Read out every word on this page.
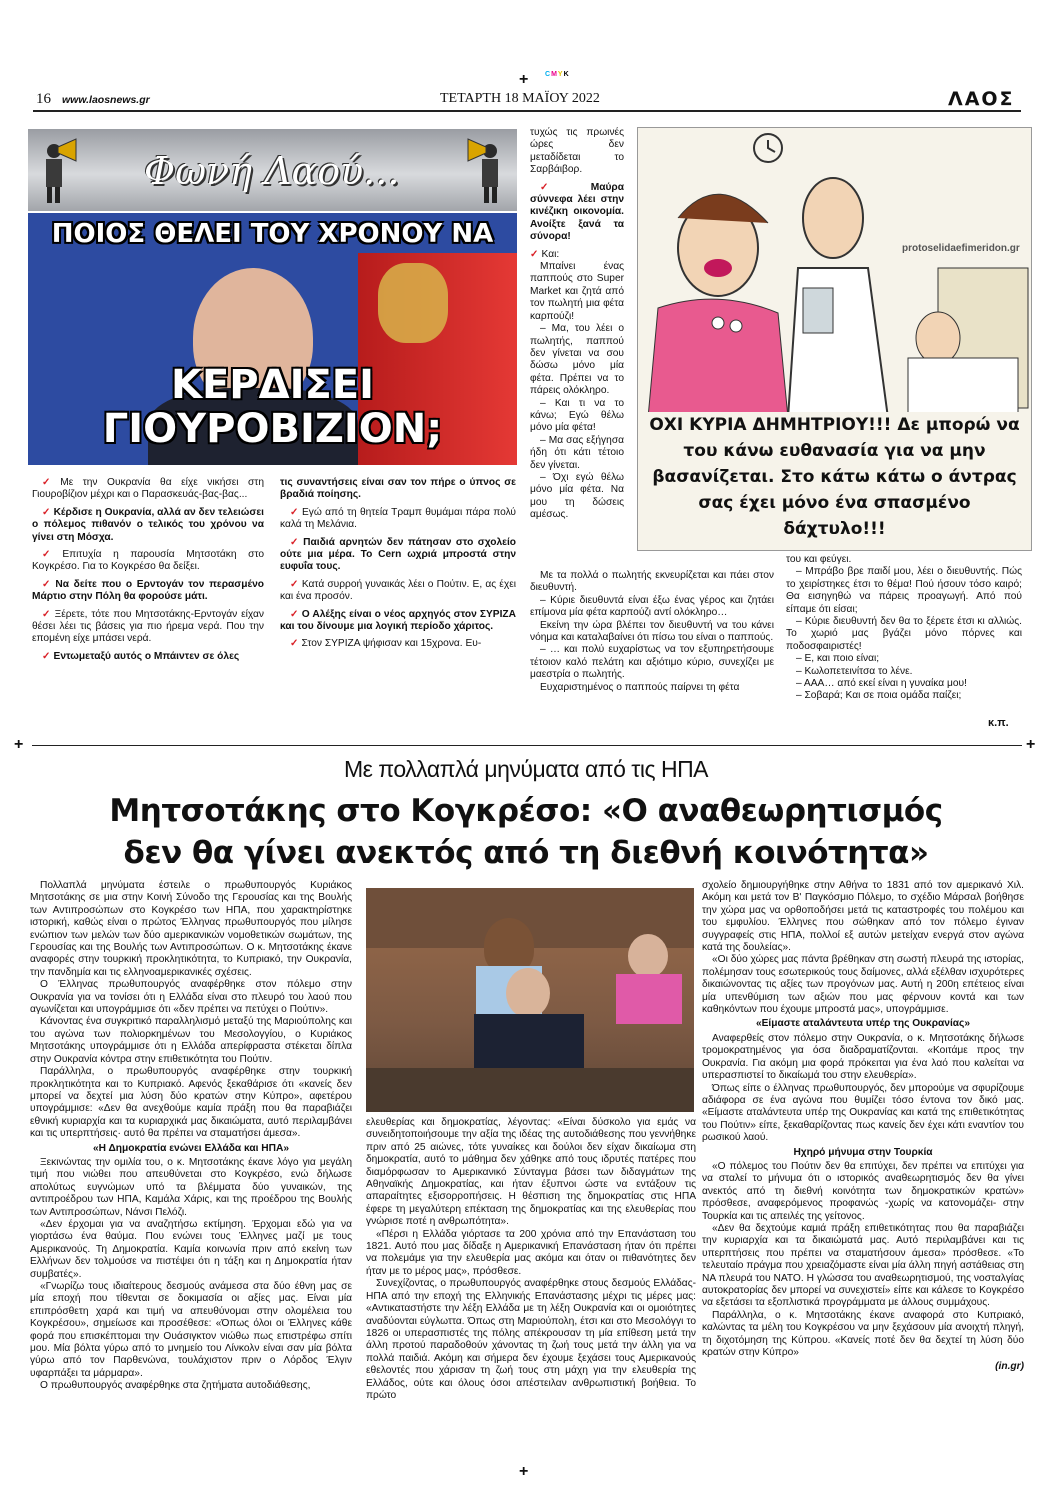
+ CMYK
16 www.laosnews.gr	ΤΕΤΑΡΤΗ 18 ΜΑΪΟΥ 2022	ΛΑΟΣ
Φωνή Λαού...
ΠΟΙΟΣ ΘΕΛΕΙ ΤΟΥ ΧΡΟΝΟΥ ΝΑ
ΚΕΡΔΙΣΕΙ
ΓΙΟΥΡΟΒΙΖΙΟΝ;

✓ Με την Ουκρανία θα είχε νικήσει στη Γιουροβίζιον μέχρι και ο Παρασκευάς-βας-βας...

✓ Κέρδισε η Ουκρανία, αλλά αν δεν τελειώσει ο πόλεμος πιθανόν ο τελικός του χρόνου να γίνει στη Μόσχα.

✓ Επιτυχία η παρουσία Μητσοτάκη στο Κογκρέσο. Για το Κογκρέσο θα δείξει.

✓ Να δείτε που ο Ερντογάν τον περασμένο Μάρτιο στην Πόλη θα φορούσε μάτι.

✓ Ξέρετε, τότε που Μητσοτάκης-Ερντογάν είχαν θέσει λέει τις βάσεις για πιο ήρεμα νερά. Που την επομένη είχε μπάσει νερά.

✓ Εντωμεταξύ αυτός ο Μπάιντεν σε όλες

τις συναντήσεις είναι σαν τον πήρε ο ύπνος σε βραδιά ποίησης.

✓ Εγώ από τη θητεία Τραμπ θυμάμαι πάρα πολύ καλά τη Μελάνια.

✓ Παιδιά αρνητών δεν πάτησαν στο σχολείο ούτε μια μέρα. Το Cern ωχριά μπροστά στην ευφυΐα τους.

✓ Κατά συρροή γυναικάς λέει ο Πούτιν. Ε, ας έχει και ένα προσόν.

✓ Ο Αλέξης είναι ο νέος αρχηγός στον ΣΥΡΙΖΑ και του δίνουμε μια λογική περίοδο χάριτος.

✓ Στον ΣΥΡΙΖΑ ψήφισαν και 15χρονα. Ευ-

τυχώς τις πρωινές ώρες δεν μεταδίδεται το Σαρβάιβορ.

✓ Μαύρα σύννεφα λέει στην κινέζικη οικονομία. Ανοίξτε ξανά τα σύνορα!

✓ Και:

Μπαίνει ένας παππούς στο Super Market και ζητά από τον πωλητή μια φέτα καρπούζι!

– Μα, του λέει ο πωλητής, παππού δεν γίνεται να σου δώσω μόνο μία φέτα. Πρέπει να το πάρεις ολόκληρο.

– Και τι να το κάνω; Εγώ θέλω μόνο μία φέτα!

– Μα σας εξήγησα ήδη ότι κάτι τέτοιο δεν γίνεται.

– Όχι εγώ θέλω μόνο μία φέτα. Να μου τη δώσεις αμέσως.

Με τα πολλά ο πωλητής εκνευρίζεται και πάει στον διευθυντή.

– Κύριε διευθυντά είναι έξω ένας γέρος και ζητάει επίμονα μία φέτα καρπούζι αντί ολόκληρο…

Εκείνη την ώρα βλέπει τον διευθυντή να του κάνει νόημα και καταλαβαίνει ότι πίσω του είναι ο παππούς.

– … και πολύ ευχαρίστως να τον εξυπηρετήσουμε τέτοιον καλό πελάτη και αξιότιμο κύριο, συνεχίζει με μαεστρία ο πωλητής.

Ευχαριστημένος ο παππούς παίρνει τη φέτα

protoselidaefimeridon.gr
ΟΧΙ ΚΥΡΙΑ ΔΗΜΗΤΡΙΟΥ!!! Δε μπορώ να του κάνω ευθανασία για να μην βασανίζεται. Στο κάτω κάτω ο άντρας σας έχει μόνο ένα σπασμένο δάχτυλο!!!

του και φεύγει.

– Μπράβο βρε παιδί μου, λέει ο διευθυντής. Πώς το χειρίστηκες έτσι το θέμα! Πού ήσουν τόσο καιρό; Θα εισηγηθώ να πάρεις προαγωγή. Από πού είπαμε ότι είσαι;

– Κύριε διευθυντή δεν θα το ξέρετε έτσι κι αλλιώς. Το χωριό μας βγάζει μόνο πόρνες και ποδοσφαιριστές!

– Ε, και ποιο είναι;

– Κωλοπετεινίτσα το λένε.

– ΑΑΑ… από εκεί είναι η γυναίκα μου!

– Σοβαρά; Και σε ποια ομάδα παίζει;

κ.π.
+	+
Με πολλαπλά μηνύματα από τις ΗΠΑ
Μητσοτάκης στο Κογκρέσο: «Ο αναθεωρητισμός
δεν θα γίνει ανεκτός από τη διεθνή κοινότητα»

Πολλαπλά μηνύματα έστειλε ο πρωθυπουργός Κυριάκος Μητσοτάκης σε μια στην Κοινή Σύνοδο της Γερουσίας και της Βουλής των Αντιπροσώπων στο Κογκρέσο των ΗΠΑ, που χαρακτηρίστηκε ιστορική, καθώς είναι ο πρώτος Έλληνας πρωθυπουργός που μίλησε ενώπιον των μελών των δύο αμερικανικών νομοθετικών σωμάτων, της Γερουσίας και της Βουλής των Αντιπροσώπων. Ο κ. Μητσοτάκης έκανε αναφορές στην τουρκική προκλητικότητα, το Κυπριακό, την Ουκρανία, την πανδημία και τις ελληνοαμερικανικές σχέσεις.

Ο Έλληνας πρωθυπουργός αναφέρθηκε στον πόλεμο στην Ουκρανία για να τονίσει ότι η Ελλάδα είναι στο πλευρό του λαού που αγωνίζεται και υπογράμμισε ότι «δεν πρέπει να πετύχει ο Πούτιν».

Κάνοντας ένα συγκριτικό παραλληλισμό μεταξύ της Μαριούπολης και του αγώνα των πολιορκημένων του Μεσολογγίου, ο Κυριάκος Μητσοτάκης υπογράμμισε ότι η Ελλάδα απερίφραστα στέκεται δίπλα στην Ουκρανία κόντρα στην επιθετικότητα του Πούτιν.

Παράλληλα, ο πρωθυπουργός αναφέρθηκε στην τουρκική προκλητικότητα και το Κυπριακό. Αφενός ξεκαθάρισε ότι «κανείς δεν μπορεί να δεχτεί μια λύση δύο κρατών στην Κύπρο», αφετέρου υπογράμμισε: «Δεν θα ανεχθούμε καμία πράξη που θα παραβιάζει εθνική κυριαρχία και τα κυριαρχικά μας δικαιώματα, αυτό περιλαμβάνει και τις υπερπτήσεις· αυτό θα πρέπει να σταματήσει άμεσα».

«Η Δημοκρατία ενώνει Ελλάδα και ΗΠΑ»

Ξεκινώντας την ομιλία του, ο κ. Μητσοτάκης έκανε λόγο για μεγάλη τιμή που νιώθει που απευθύνεται στο Κογκρέσο, ενώ δήλωσε απολύτως ευγνώμων υπό τα βλέμματα δύο γυναικών, της αντιπροέδρου των ΗΠΑ, Καμάλα Χάρις, και της προέδρου της Βουλής των Αντιπροσώπων, Νάνσι Πελόζι.

«Δεν έρχομαι για να αναζητήσω εκτίμηση. Έρχομαι εδώ για να γιορτάσω ένα θαύμα. Που ενώνει τους Έλληνες μαζί με τους Αμερικανούς. Τη Δημοκρατία. Καμία κοινωνία πριν από εκείνη των Ελλήνων δεν τολμούσε να πιστέψει ότι η τάξη και η Δημοκρατία ήταν συμβατές».

«Γνωρίζω τους ιδιαίτερους δεσμούς ανάμεσα στα δύο έθνη μας σε μία εποχή που τίθενται σε δοκιμασία οι αξίες μας. Είναι μία επιπρόσθετη χαρά και τιμή να απευθύνομαι στην ολομέλεια του Κογκρέσου», σημείωσε και προσέθεσε: «Όπως όλοι οι Έλληνες κάθε φορά που επισκέπτομαι την Ουάσιγκτον νιώθω πως επιστρέφω σπίτι μου. Μία βόλτα γύρω από το μνημείο του Λίνκολν είναι σαν μία βόλτα γύρω από τον Παρθενώνα, τουλάχιστον πριν ο Λόρδος Έλγιν υφαρπάξει τα μάρμαρα».

Ο πρωθυπουργός αναφέρθηκε στα ζητήματα αυτοδιάθεσης,

ελευθερίας και δημοκρατίας, λέγοντας: «Είναι δύσκολο για εμάς να συνειδητοποιήσουμε την αξία της ιδέας της αυτοδιάθεσης που γεννήθηκε πριν από 25 αιώνες, τότε γυναίκες και δούλοι δεν είχαν δικαίωμα στη δημοκρατία, αυτό το μάθημα δεν χάθηκε από τους ιδρυτές πατέρες που διαμόρφωσαν το Αμερικανικό Σύνταγμα βάσει των διδαγμάτων της Αθηναϊκής Δημοκρατίας, και ήταν έξυπνοι ώστε να εντάξουν τις απαραίτητες εξισορροπήσεις. Η θέσπιση της δημοκρατίας στις ΗΠΑ έφερε τη μεγαλύτερη επέκταση της δημοκρατίας και της ελευθερίας που γνώρισε ποτέ η ανθρωπότητα».

«Πέρσι η Ελλάδα γιόρτασε τα 200 χρόνια από την Επανάσταση του 1821. Αυτό που μας δίδαξε η Αμερικανική Επανάσταση ήταν ότι πρέπει να πολεμάμε για την ελευθερία μας ακόμα και όταν οι πιθανότητες δεν ήταν με το μέρος μας», πρόσθεσε.

Συνεχίζοντας, ο πρωθυπουργός αναφέρθηκε στους δεσμούς Ελλάδας-ΗΠΑ από την εποχή της Ελληνικής Επανάστασης μέχρι τις μέρες μας: «Αντικαταστήστε την λέξη Ελλάδα με τη λέξη Ουκρανία και οι ομοιότητες αναδύονται εύγλωττα. Όπως στη Μαριούπολη, έτσι και στο Μεσολόγγι το 1826 οι υπερασπιστές της πόλης απέκρουσαν τη μία επίθεση μετά την άλλη προτού παραδοθούν χάνοντας τη ζωή τους μετά την άλλη για να πολλά παιδιά. Ακόμη και σήμερα δεν έχουμε ξεχάσει τους Αμερικανούς εθελοντές που χάρισαν τη ζωή τους στη μάχη για την ελευθερία της Ελλάδος, ούτε και όλους όσοι απέστειλαν ανθρωπιστική βοήθεια. Το πρώτο

σχολείο δημιουργήθηκε στην Αθήνα το 1831 από τον αμερικανό Χιλ. Ακόμη και μετά τον Β' Παγκόσμιο Πόλεμο, το σχέδιο Μάρσαλ βοήθησε την χώρα μας να ορθοποδήσει μετά τις καταστροφές του πολέμου και του εμφυλίου. Έλληνες που σώθηκαν από τον πόλεμο έγιναν συγγραφείς στις ΗΠΑ, πολλοί εξ αυτών μετείχαν ενεργά στον αγώνα κατά της δουλείας».

«Οι δύο χώρες μας πάντα βρέθηκαν στη σωστή πλευρά της ιστορίας, πολέμησαν τους εσωτερικούς τους δαίμονες, αλλά εξέλθαν ισχυρότερες δικαιώνοντας τις αξίες των προγόνων μας. Αυτή η 200η επέτειος είναι μία υπενθύμιση των αξιών που μας φέρνουν κοντά και των καθηκόντων που έχουμε μπροστά μας», υπογράμμισε.

«Είμαστε αταλάντευτα υπέρ της Ουκρανίας»

Αναφερθείς στον πόλεμο στην Ουκρανία, ο κ. Μητσοτάκης δήλωσε τρομοκρατημένος για όσα διαδραματίζονται. «Κοιτάμε προς την Ουκρανία. Για ακόμη μια φορά πρόκειται για ένα λαό που καλείται να υπερασπιστεί το δικαίωμά του στην ελευθερία».

Όπως είπε ο έλληνας πρωθυπουργός, δεν μπορούμε να σφυρίζουμε αδιάφορα σε ένα αγώνα που θυμίζει τόσο έντονα τον δικό μας. «Είμαστε αταλάντευτα υπέρ της Ουκρανίας και κατά της επιθετικότητας του Πούτιν» είπε, ξεκαθαρίζοντας πως κανείς δεν έχει κάτι εναντίον του ρωσικού λαού.

Ηχηρό μήνυμα στην Τουρκία

«Ο πόλεμος του Πούτιν δεν θα επιτύχει, δεν πρέπει να επιτύχει για να σταλεί το μήνυμα ότι ο ιστορικός αναθεωρητισμός δεν θα γίνει ανεκτός από τη διεθνή κοινότητα των δημοκρατικών κρατών» πρόσθεσε, αναφερόμενος προφανώς -χωρίς να κατονομάζει- στην Τουρκία και τις απειλές της γείτονος.

«Δεν θα δεχτούμε καμιά πράξη επιθετικότητας που θα παραβιάζει την κυριαρχία και τα δικαιώματά μας. Αυτό περιλαμβάνει και τις υπερπτήσεις που πρέπει να σταματήσουν άμεσα» πρόσθεσε. «Το τελευταίο πράγμα που χρειαζόμαστε είναι μία άλλη πηγή αστάθειας στη ΝΑ πλευρά του ΝΑΤΟ. Η γλώσσα του αναθεωρητισμού, της νοσταλγίας αυτοκρατορίας δεν μπορεί να συνεχιστεί» είπε και κάλεσε το Κογκρέσο να εξετάσει τα εξοπλιστικά προγράμματα με άλλους συμμάχους.

Παράλληλα, ο κ. Μητσοτάκης έκανε αναφορά στο Κυπριακό, καλώντας τα μέλη του Κογκρέσου να μην ξεχάσουν μία ανοιχτή πληγή, τη διχοτόμηση της Κύπρου. «Κανείς ποτέ δεν θα δεχτεί τη λύση δύο κρατών στην Κύπρο»

(in.gr)
+
